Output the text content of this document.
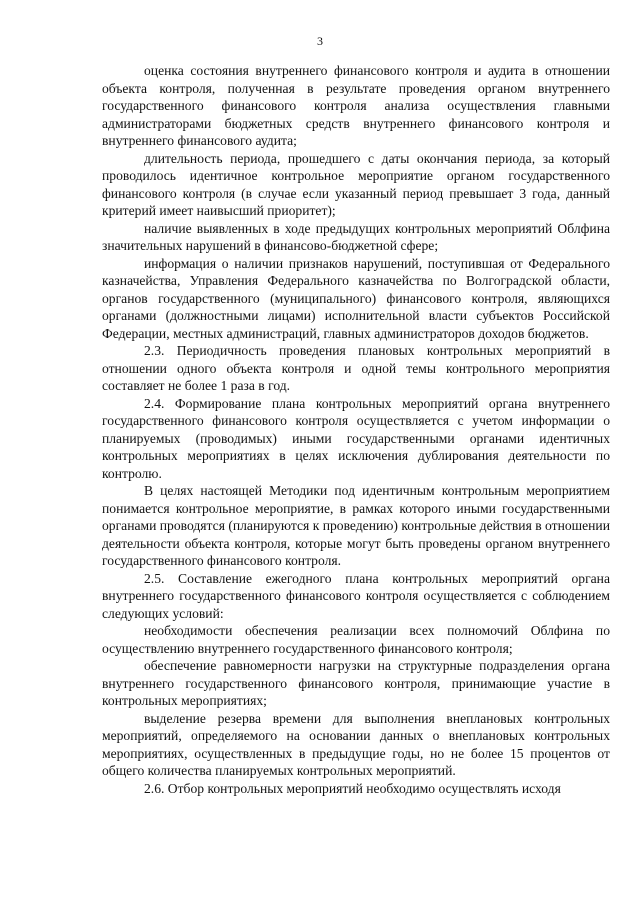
3

оценка состояния внутреннего финансового контроля и аудита в отношении объекта контроля, полученная в результате проведения органом внутреннего государственного финансового контроля анализа осуществления главными администраторами бюджетных средств внутреннего финансового контроля и внутреннего финансового аудита;

длительность периода, прошедшего с даты окончания периода, за который проводилось идентичное контрольное мероприятие органом государственного финансового контроля (в случае если указанный период превышает 3 года, данный критерий имеет наивысший приоритет);

наличие выявленных в ходе предыдущих контрольных мероприятий Облфина значительных нарушений в финансово-бюджетной сфере;

информация о наличии признаков нарушений, поступившая от Федерального казначейства, Управления Федерального казначейства по Волгоградской области, органов государственного (муниципального) финансового контроля, являющихся органами (должностными лицами) исполнительной власти субъектов Российской Федерации, местных администраций, главных администраторов доходов бюджетов.

2.3. Периодичность проведения плановых контрольных мероприятий в отношении одного объекта контроля и одной темы контрольного мероприятия составляет не более 1 раза в год.

2.4. Формирование плана контрольных мероприятий органа внутреннего государственного финансового контроля осуществляется с учетом информации о планируемых (проводимых) иными государственными органами идентичных контрольных мероприятиях в целях исключения дублирования деятельности по контролю.

В целях настоящей Методики под идентичным контрольным мероприятием понимается контрольное мероприятие, в рамках которого иными государственными органами проводятся (планируются к проведению) контрольные действия в отношении деятельности объекта контроля, которые могут быть проведены органом внутреннего государственного финансового контроля.

2.5. Составление ежегодного плана контрольных мероприятий органа внутреннего государственного финансового контроля осуществляется с соблюдением следующих условий:

необходимости обеспечения реализации всех полномочий Облфина по осуществлению внутреннего государственного финансового контроля;

обеспечение равномерности нагрузки на структурные подразделения органа внутреннего государственного финансового контроля, принимающие участие в контрольных мероприятиях;

выделение резерва времени для выполнения внеплановых контрольных мероприятий, определяемого на основании данных о внеплановых контрольных мероприятиях, осуществленных в предыдущие годы, но не более 15 процентов от общего количества планируемых контрольных мероприятий.

2.6. Отбор контрольных мероприятий необходимо осуществлять исходя
